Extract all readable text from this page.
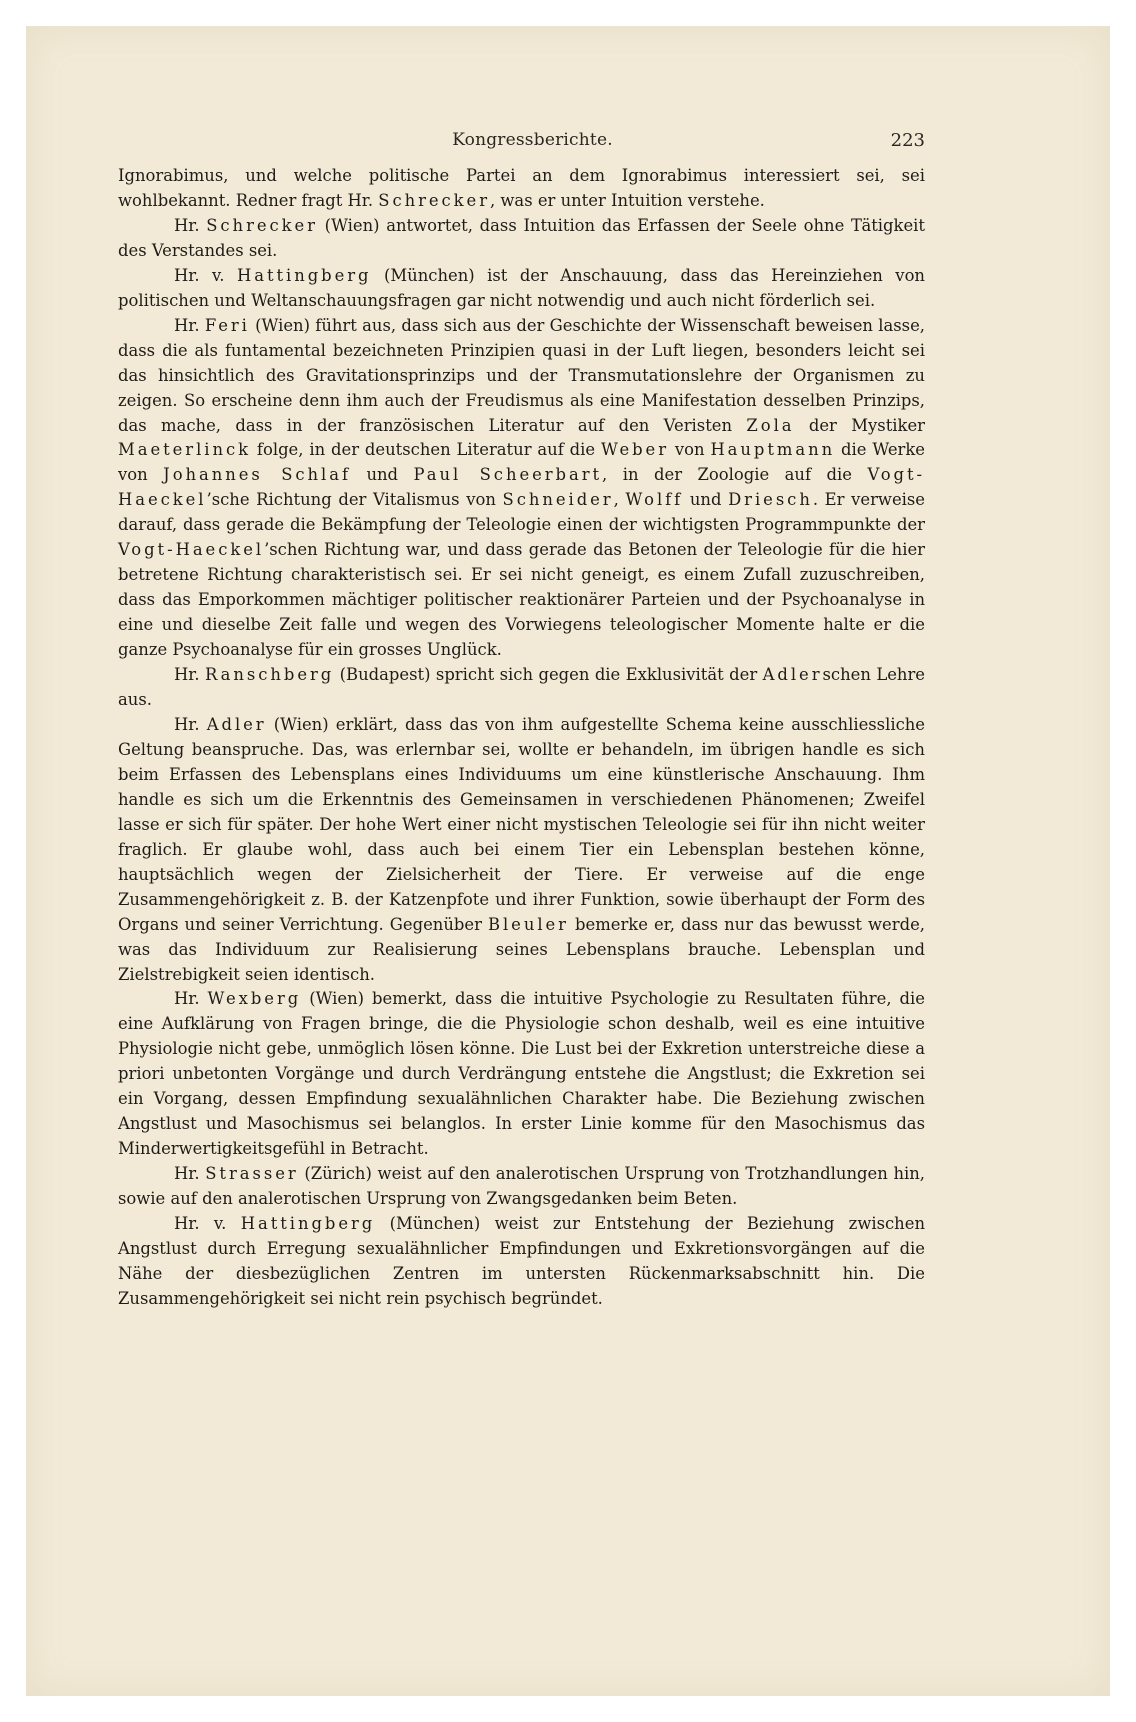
Kongressberichte.	223

Ignorabimus, und welche politische Partei an dem Ignorabimus interessiert sei, sei wohlbekannt. Redner fragt Hr. Schrecker, was er unter Intuition verstehe.

Hr. Schrecker (Wien) antwortet, dass Intuition das Erfassen der Seele ohne Tätigkeit des Verstandes sei.

Hr. v. Hattingberg (München) ist der Anschauung, dass das Hereinziehen von politischen und Weltanschauungsfragen gar nicht notwendig und auch nicht förderlich sei.

Hr. Feri (Wien) führt aus, dass sich aus der Geschichte der Wissenschaft beweisen lasse, dass die als funtamental bezeichneten Prinzipien quasi in der Luft liegen, besonders leicht sei das hinsichtlich des Gravitationsprinzips und der Transmutationslehre der Organismen zu zeigen. So erscheine denn ihm auch der Freudismus als eine Manifestation desselben Prinzips, das mache, dass in der französischen Literatur auf den Veristen Zola der Mystiker Maeterlinck folge, in der deutschen Literatur auf die Weber von Hauptmann die Werke von Johannes Schlaf und Paul Scheerbart, in der Zoologie auf die Vogt-Haeckel’sche Richtung der Vitalismus von Schneider, Wolff und Driesch. Er verweise darauf, dass gerade die Bekämpfung der Teleologie einen der wichtigsten Programmpunkte der Vogt-Haeckel’schen Richtung war, und dass gerade das Betonen der Teleologie für die hier betretene Richtung charakteristisch sei. Er sei nicht geneigt, es einem Zufall zuzuschreiben, dass das Emporkommen mächtiger politischer reaktionärer Parteien und der Psychoanalyse in eine und dieselbe Zeit falle und wegen des Vorwiegens teleologischer Momente halte er die ganze Psychoanalyse für ein grosses Unglück.

Hr. Ranschberg (Budapest) spricht sich gegen die Exklusivität der Adlerschen Lehre aus.

Hr. Adler (Wien) erklärt, dass das von ihm aufgestellte Schema keine ausschliessliche Geltung beanspruche. Das, was erlernbar sei, wollte er behandeln, im übrigen handle es sich beim Erfassen des Lebensplans eines Individuums um eine künstlerische Anschauung. Ihm handle es sich um die Erkenntnis des Gemeinsamen in verschiedenen Phänomenen; Zweifel lasse er sich für später. Der hohe Wert einer nicht mystischen Teleologie sei für ihn nicht weiter fraglich. Er glaube wohl, dass auch bei einem Tier ein Lebensplan bestehen könne, hauptsächlich wegen der Zielsicherheit der Tiere. Er verweise auf die enge Zusammengehörigkeit z. B. der Katzenpfote und ihrer Funktion, sowie überhaupt der Form des Organs und seiner Verrichtung. Gegenüber Bleuler bemerke er, dass nur das bewusst werde, was das Individuum zur Realisierung seines Lebensplans brauche. Lebensplan und Zielstrebigkeit seien identisch.

Hr. Wexberg (Wien) bemerkt, dass die intuitive Psychologie zu Resultaten führe, die eine Aufklärung von Fragen bringe, die die Physiologie schon deshalb, weil es eine intuitive Physiologie nicht gebe, unmöglich lösen könne. Die Lust bei der Exkretion unterstreiche diese a priori unbetonten Vorgänge und durch Verdrängung entstehe die Angstlust; die Exkretion sei ein Vorgang, dessen Empfindung sexualähnlichen Charakter habe. Die Beziehung zwischen Angstlust und Masochismus sei belanglos. In erster Linie komme für den Masochismus das Minderwertigkeitsgefühl in Betracht.

Hr. Strasser (Zürich) weist auf den analerotischen Ursprung von Trotzhandlungen hin, sowie auf den analerotischen Ursprung von Zwangsgedanken beim Beten.

Hr. v. Hattingberg (München) weist zur Entstehung der Beziehung zwischen Angstlust durch Erregung sexualähnlicher Empfindungen und Exkretionsvorgängen auf die Nähe der diesbezüglichen Zentren im untersten Rückenmarksabschnitt hin. Die Zusammengehörigkeit sei nicht rein psychisch begründet.
